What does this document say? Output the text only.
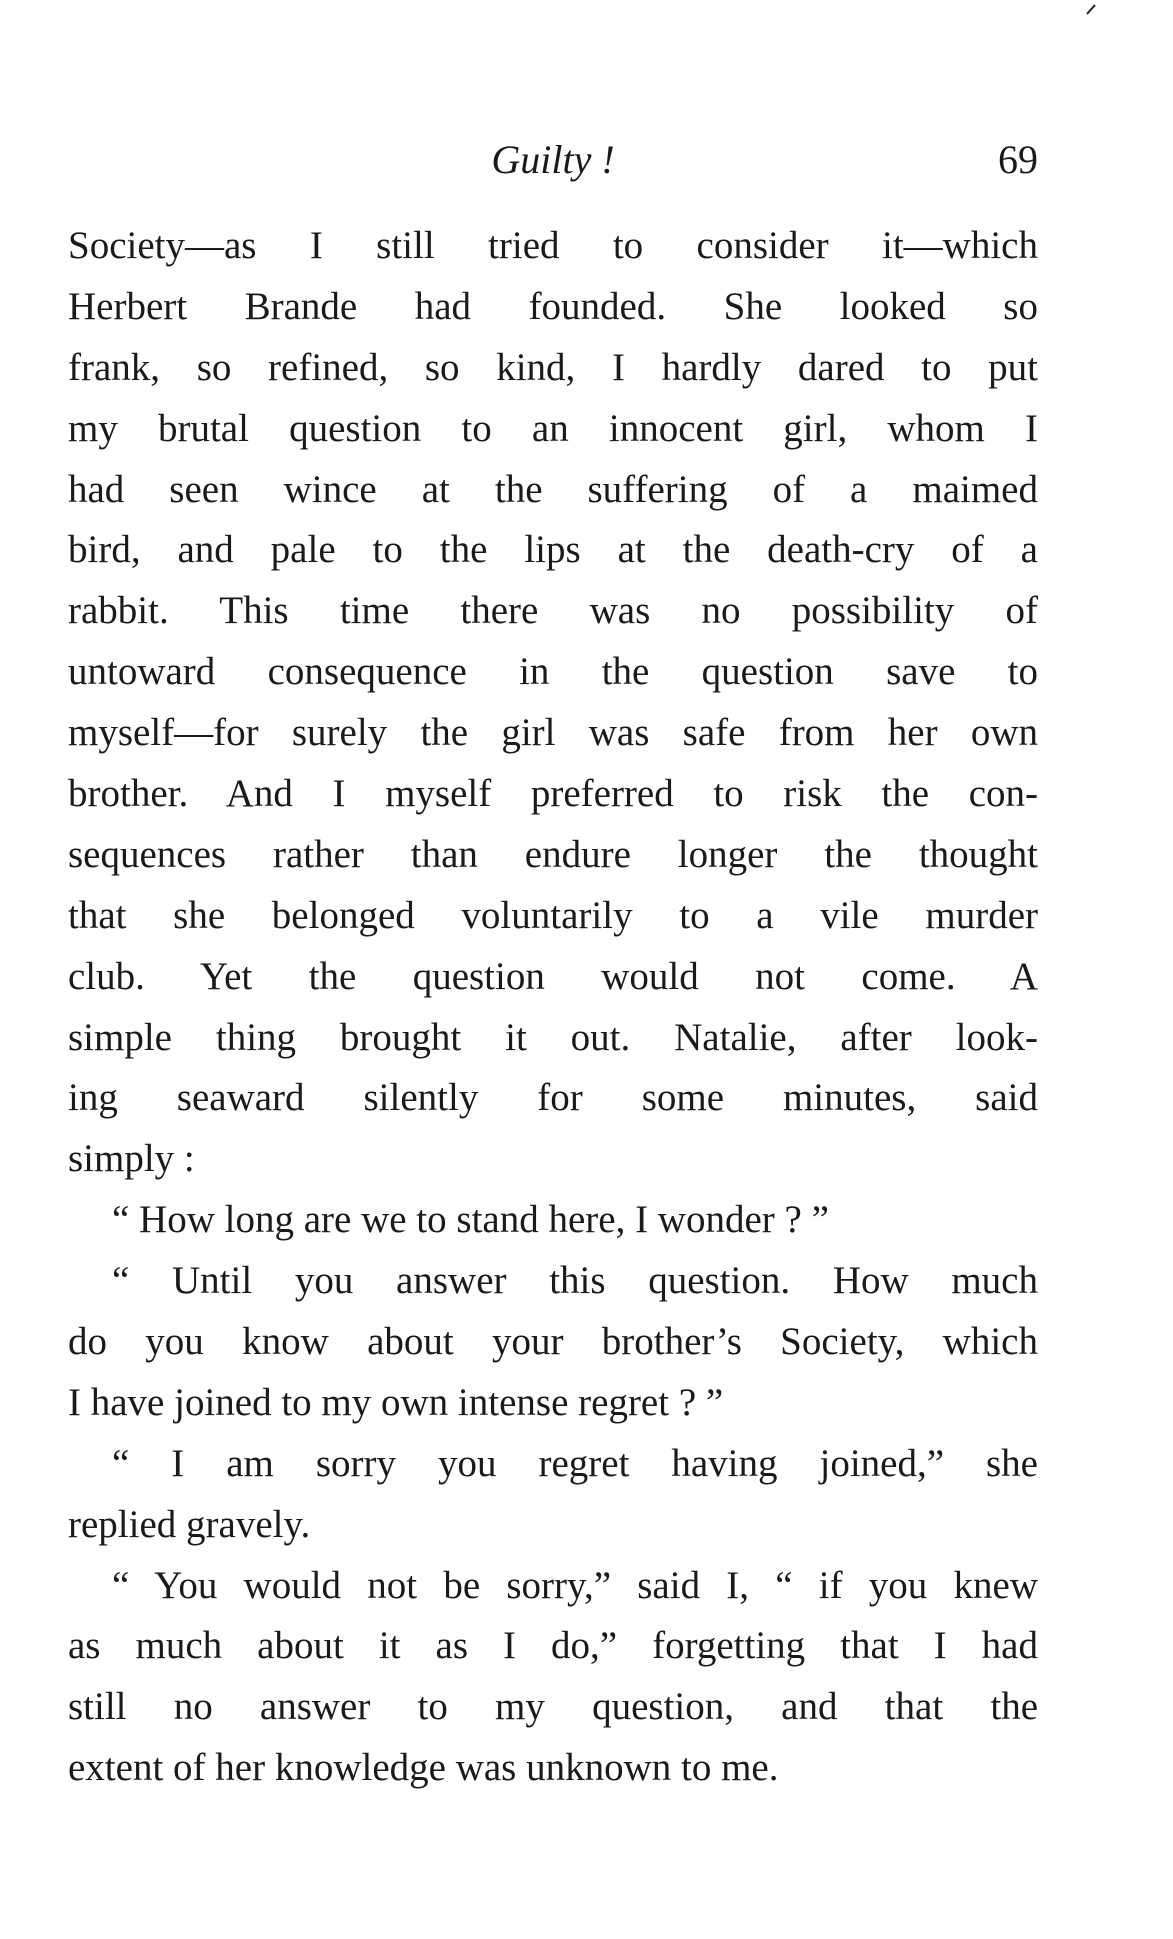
Guilty !	69
Society—as I still tried to consider it—which
Herbert Brande had founded. She looked so
frank, so refined, so kind, I hardly dared to put
my brutal question to an innocent girl, whom I
had seen wince at the suffering of a maimed
bird, and pale to the lips at the death-cry of a
rabbit. This time there was no possibility of
untoward consequence in the question save to
myself—for surely the girl was safe from her own
brother. And I myself preferred to risk the con-
sequences rather than endure longer the thought
that she belonged voluntarily to a vile murder
club. Yet the question would not come. A
simple thing brought it out. Natalie, after look-
ing seaward silently for some minutes, said
simply :
“ How long are we to stand here, I wonder ? ”
“ Until you answer this question. How much
do you know about your brother’s Society, which
I have joined to my own intense regret ? ”
“ I am sorry you regret having joined,” she
replied gravely.
“ You would not be sorry,” said I, “ if you knew
as much about it as I do,” forgetting that I had
still no answer to my question, and that the
extent of her knowledge was unknown to me.
